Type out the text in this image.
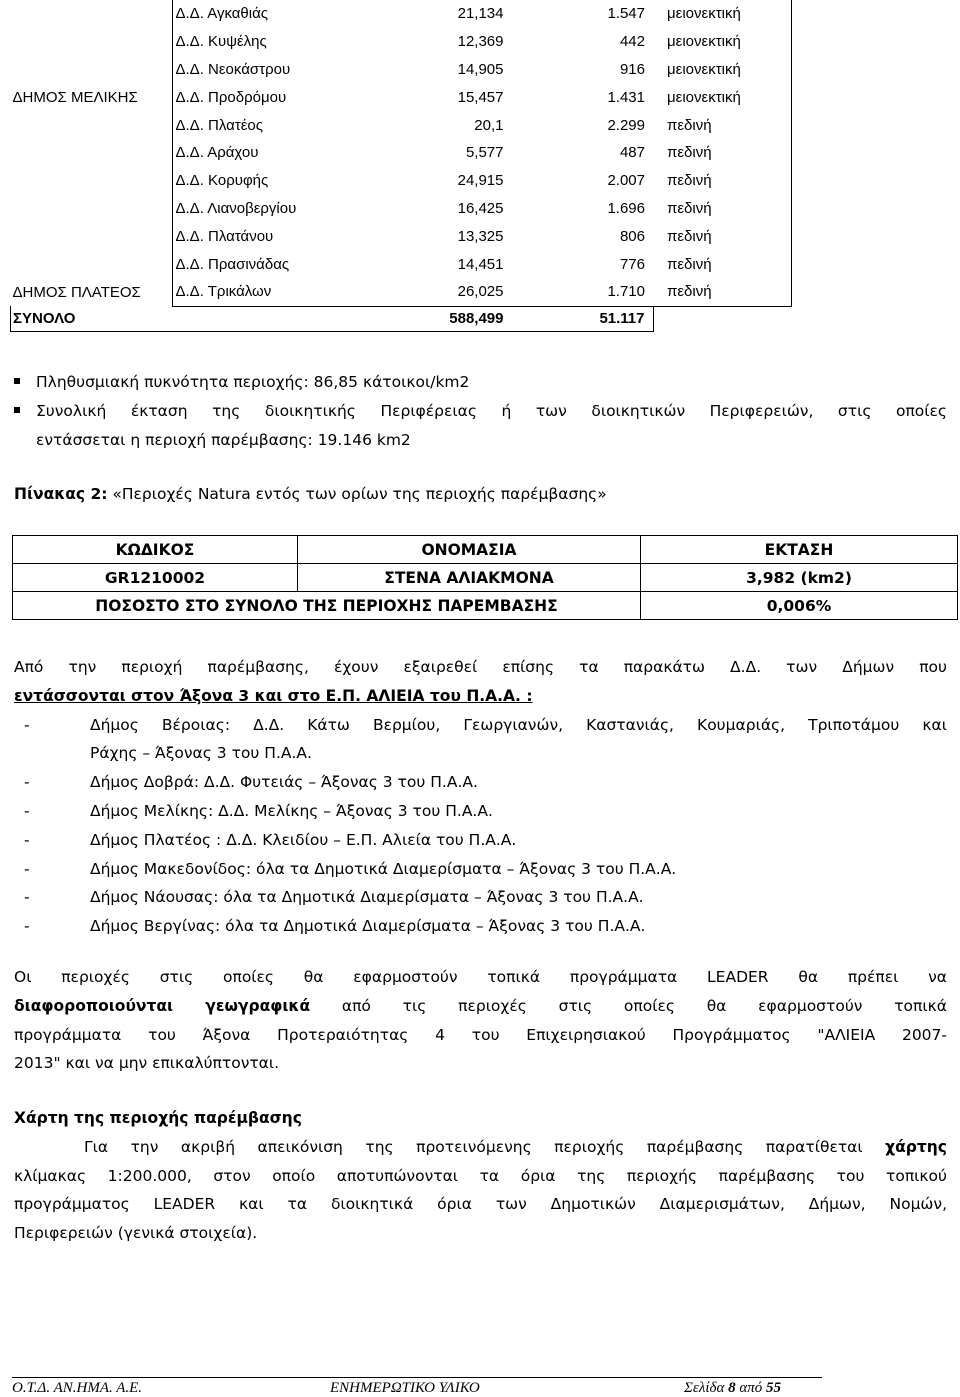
	Δ.Δ. Αγκαθιάς	21,134	1.547	μειονεκτική
	Δ.Δ. Κυψέλης	12,369	442	μειονεκτική
	Δ.Δ. Νεοκάστρου	14,905	916	μειονεκτική
ΔΗΜΟΣ ΜΕΛΙΚΗΣ	Δ.Δ. Προδρόμου	15,457	1.431	μειονεκτική
	Δ.Δ. Πλατέος	20,1	2.299	πεδινή
	Δ.Δ. Αράχου	5,577	487	πεδινή
	Δ.Δ. Κορυφής	24,915	2.007	πεδινή
	Δ.Δ. Λιανοβεργίου	16,425	1.696	πεδινή
	Δ.Δ. Πλατάνου	13,325	806	πεδινή
	Δ.Δ. Πρασινάδας	14,451	776	πεδινή
ΔΗΜΟΣ ΠΛΑΤΕΟΣ	Δ.Δ. Τρικάλων	26,025	1.710	πεδινή
ΣΥΝΟΛΟ		588,499	51.117	
Πληθυσμιακή πυκνότητα περιοχής: 86,85 κάτοικοι/km2
Συνολική έκταση της διοικητικής Περιφέρειας ή των διοικητικών Περιφερειών, στις οποίες
εντάσσεται η περιοχή παρέμβασης: 19.146 km2
Πίνακας 2: «Περιοχές Natura εντός των ορίων της περιοχής παρέμβασης»
ΚΩΔΙΚΟΣ	ΟΝΟΜΑΣΙΑ	ΕΚΤΑΣΗ
GR1210002	ΣΤΕΝΑ ΑΛΙΑΚΜΟΝΑ	3,982 (km2)
ΠΟΣΟΣΤΟ ΣΤΟ ΣΥΝΟΛΟ ΤΗΣ ΠΕΡΙΟΧΗΣ ΠΑΡΕΜΒΑΣΗΣ		0,006%
Από την περιοχή παρέμβασης, έχουν εξαιρεθεί επίσης τα παρακάτω Δ.Δ. των Δήμων που
εντάσσονται στον Άξονα 3 και στο Ε.Π. ΑΛΙΕΙΑ του Π.Α.Α. :
-	Δήμος Βέροιας: Δ.Δ. Κάτω Βερμίου, Γεωργιανών, Καστανιάς, Κουμαριάς, Τριποτάμου και
Ράχης – Άξονας 3 του Π.Α.Α.
-	Δήμος Δοβρά: Δ.Δ. Φυτειάς – Άξονας 3 του Π.Α.Α.
-	Δήμος Μελίκης: Δ.Δ. Μελίκης – Άξονας 3 του Π.Α.Α.
-	Δήμος Πλατέος : Δ.Δ. Κλειδίου – Ε.Π. Αλιεία του Π.Α.Α.
-	Δήμος Μακεδονίδος: όλα τα Δημοτικά Διαμερίσματα – Άξονας 3 του Π.Α.Α.
-	Δήμος Νάουσας: όλα τα Δημοτικά Διαμερίσματα – Άξονας 3 του Π.Α.Α.
-	Δήμος Βεργίνας: όλα τα Δημοτικά Διαμερίσματα – Άξονας 3 του Π.Α.Α.
Οι περιοχές στις οποίες θα εφαρμοστούν τοπικά προγράμματα LEADER θα πρέπει να
διαφοροποιούνται γεωγραφικά από τις περιοχές στις οποίες θα εφαρμοστούν τοπικά
προγράμματα του Άξονα Προτεραιότητας 4 του Επιχειρησιακού Προγράμματος "ΑΛΙΕΙΑ 2007-
2013" και να μην επικαλύπτονται.
Χάρτη της περιοχής παρέμβασης
Για την ακριβή απεικόνιση της προτεινόμενης περιοχής παρέμβασης παρατίθεται χάρτης
κλίμακας 1:200.000, στον οποίο αποτυπώνονται τα όρια της περιοχής παρέμβασης του τοπικού
προγράμματος LEADER και τα διοικητικά όρια των Δημοτικών Διαμερισμάτων, Δήμων, Νομών,
Περιφερειών (γενικά στοιχεία).
Ο.Τ.Δ. ΑΝ.ΗΜΑ. Α.Ε.	ΕΝΗΜΕΡΩΤΙΚΟ ΥΛΙΚΟ	Σελίδα 8 από 55
